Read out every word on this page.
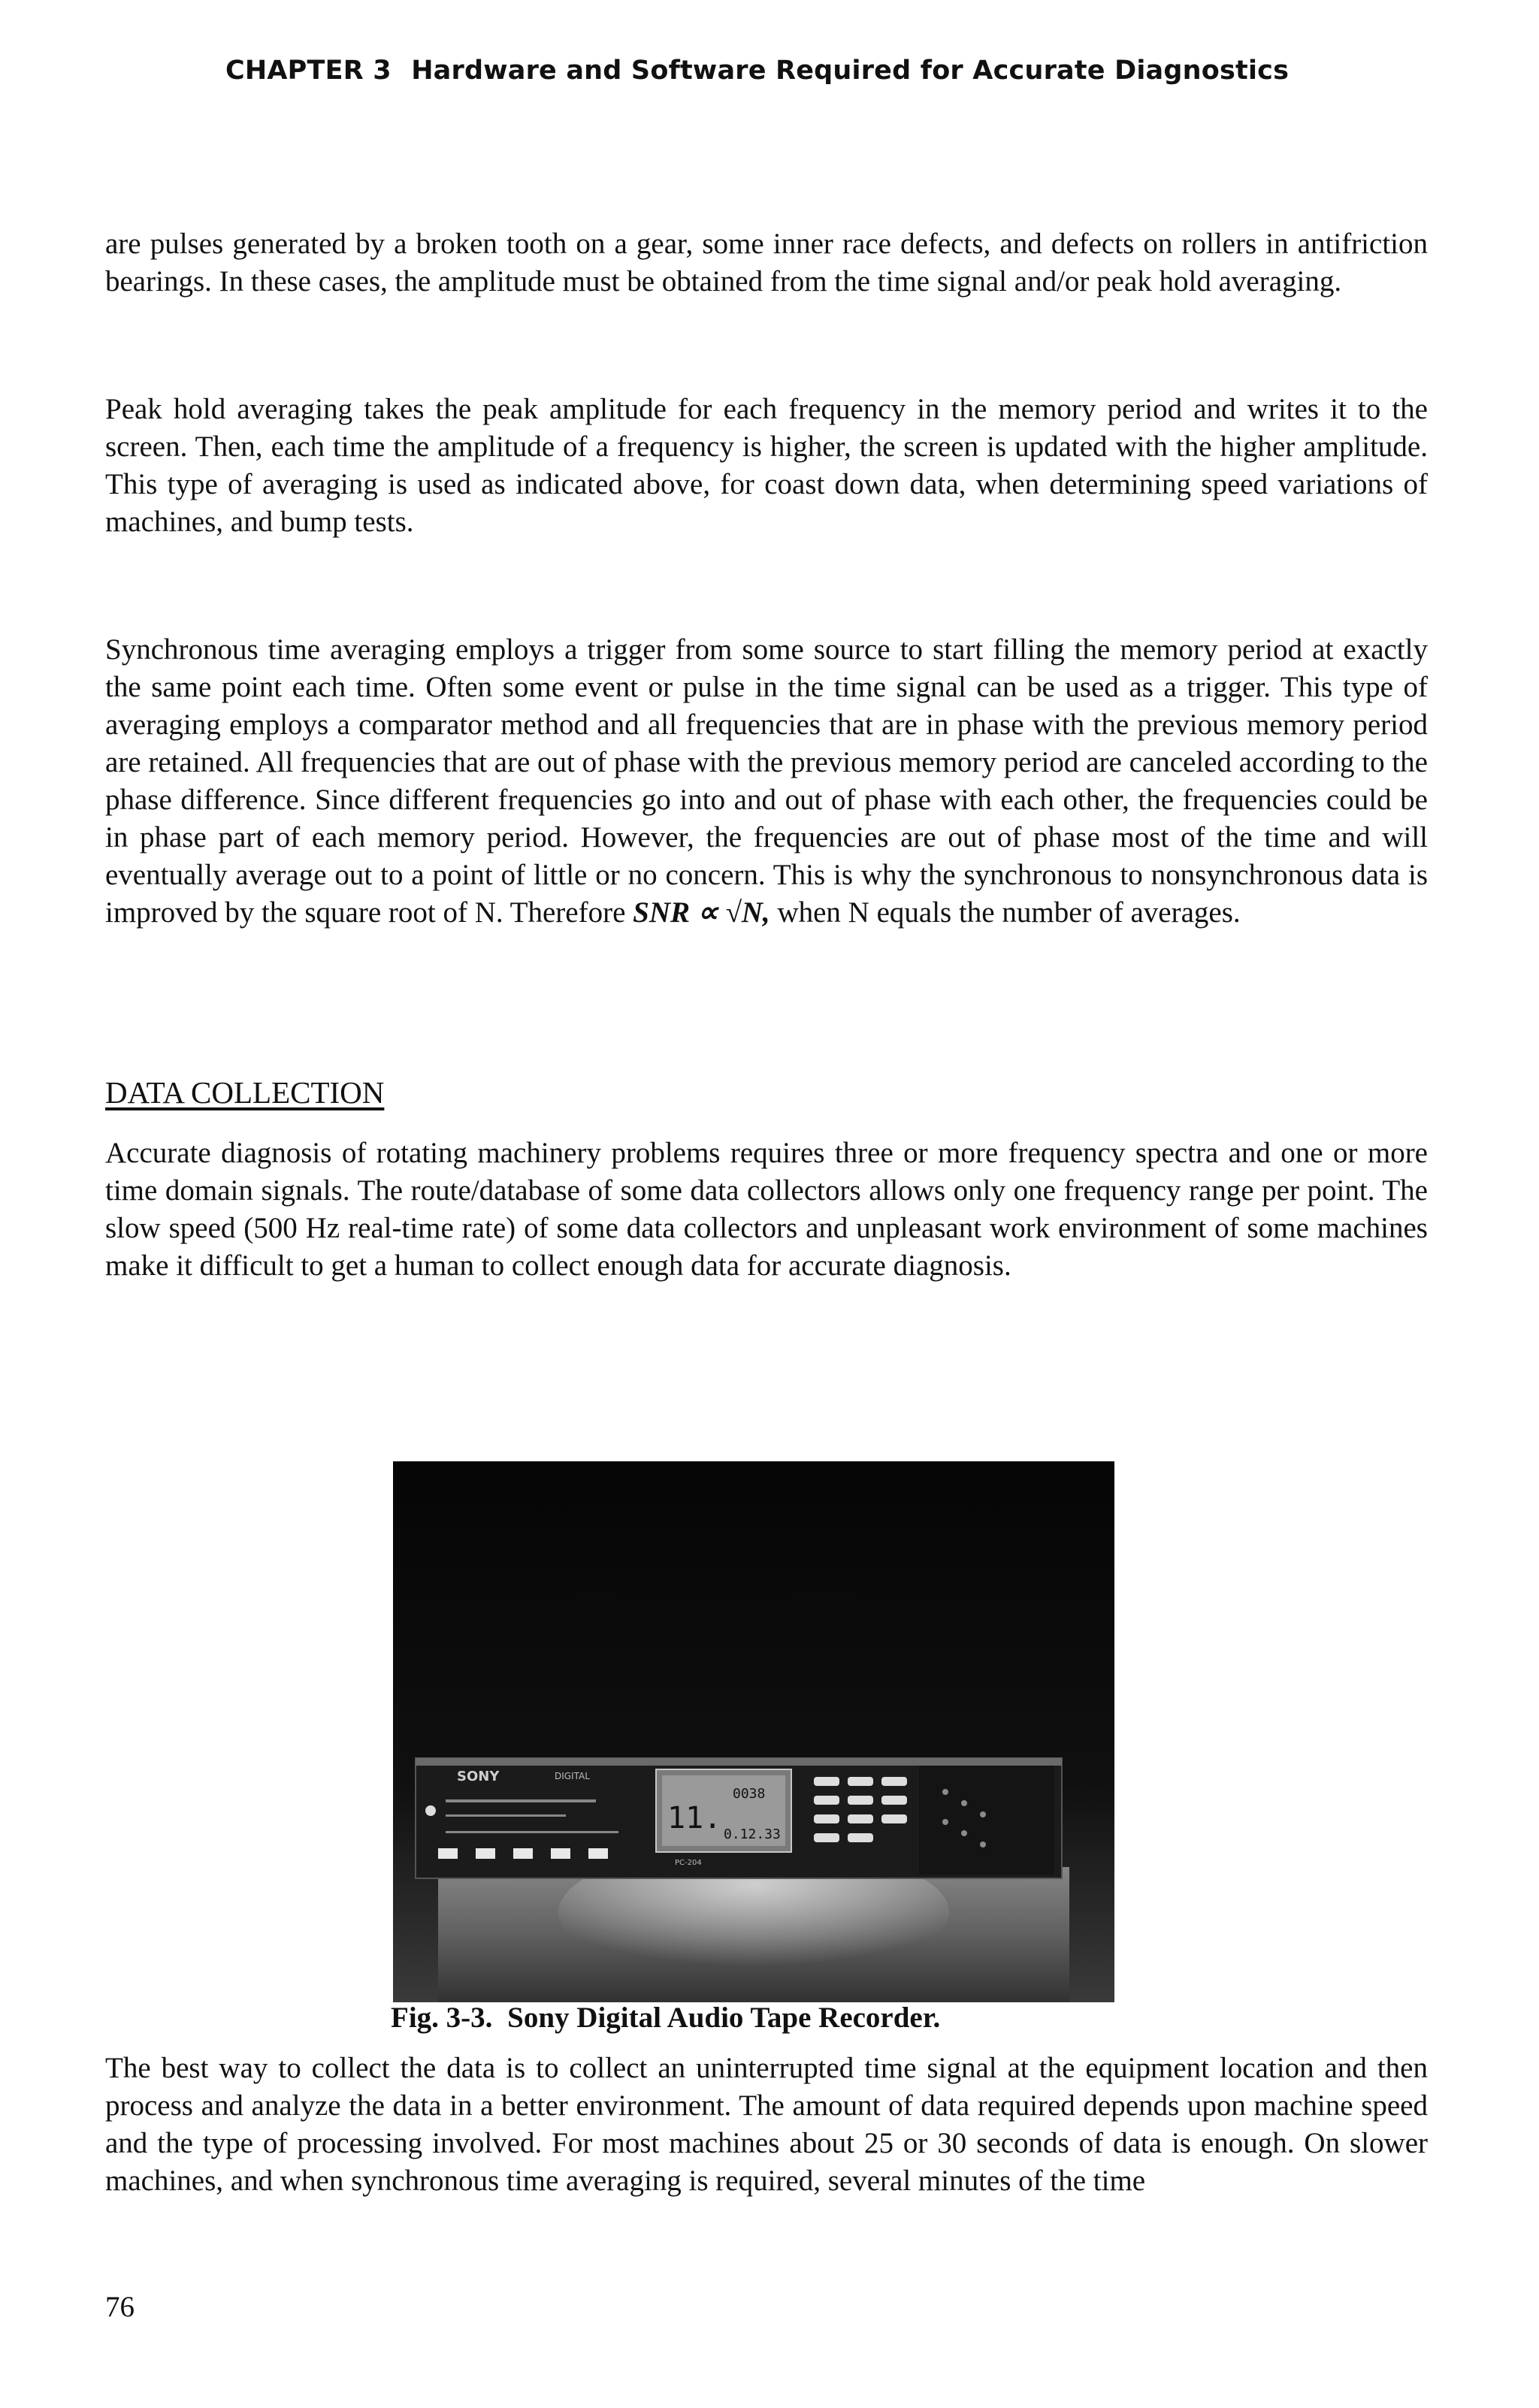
CHAPTER 3 Hardware and Software Required for Accurate Diagnostics

are pulses generated by a broken tooth on a gear, some inner race defects, and defects on rollers in antifriction bearings. In these cases, the amplitude must be obtained from the time signal and/or peak hold averaging.

Peak hold averaging takes the peak amplitude for each frequency in the memory period and writes it to the screen. Then, each time the amplitude of a frequency is higher, the screen is updated with the higher amplitude. This type of averaging is used as indicated above, for coast down data, when determining speed variations of machines, and bump tests.

Synchronous time averaging employs a trigger from some source to start filling the memory period at exactly the same point each time. Often some event or pulse in the time signal can be used as a trigger. This type of averaging employs a comparator method and all frequencies that are in phase with the previous memory period are retained. All frequencies that are out of phase with the previous memory period are canceled according to the phase difference. Since different frequencies go into and out of phase with each other, the frequencies could be in phase part of each memory period. However, the frequencies are out of phase most of the time and will eventually average out to a point of little or no concern. This is why the synchronous to nonsynchronous data is improved by the square root of N. Therefore SNR ∝ √N, when N equals the number of averages.

DATA COLLECTION

Accurate diagnosis of rotating machinery problems requires three or more frequency spectra and one or more time domain signals. The route/database of some data collectors allows only one frequency range per point. The slow speed (500 Hz real-time rate) of some data collectors and unpleasant work environment of some machines make it difficult to get a human to collect enough data for accurate diagnosis.

SONY	DIGITAL
11.
0038
0.12.33
PC-204
Fig. 3-3. Sony Digital Audio Tape Recorder.

The best way to collect the data is to collect an uninterrupted time signal at the equipment location and then process and analyze the data in a better environment. The amount of data required depends upon machine speed and the type of processing involved. For most machines about 25 or 30 seconds of data is enough. On slower machines, and when synchronous time averaging is required, several minutes of the time

76
